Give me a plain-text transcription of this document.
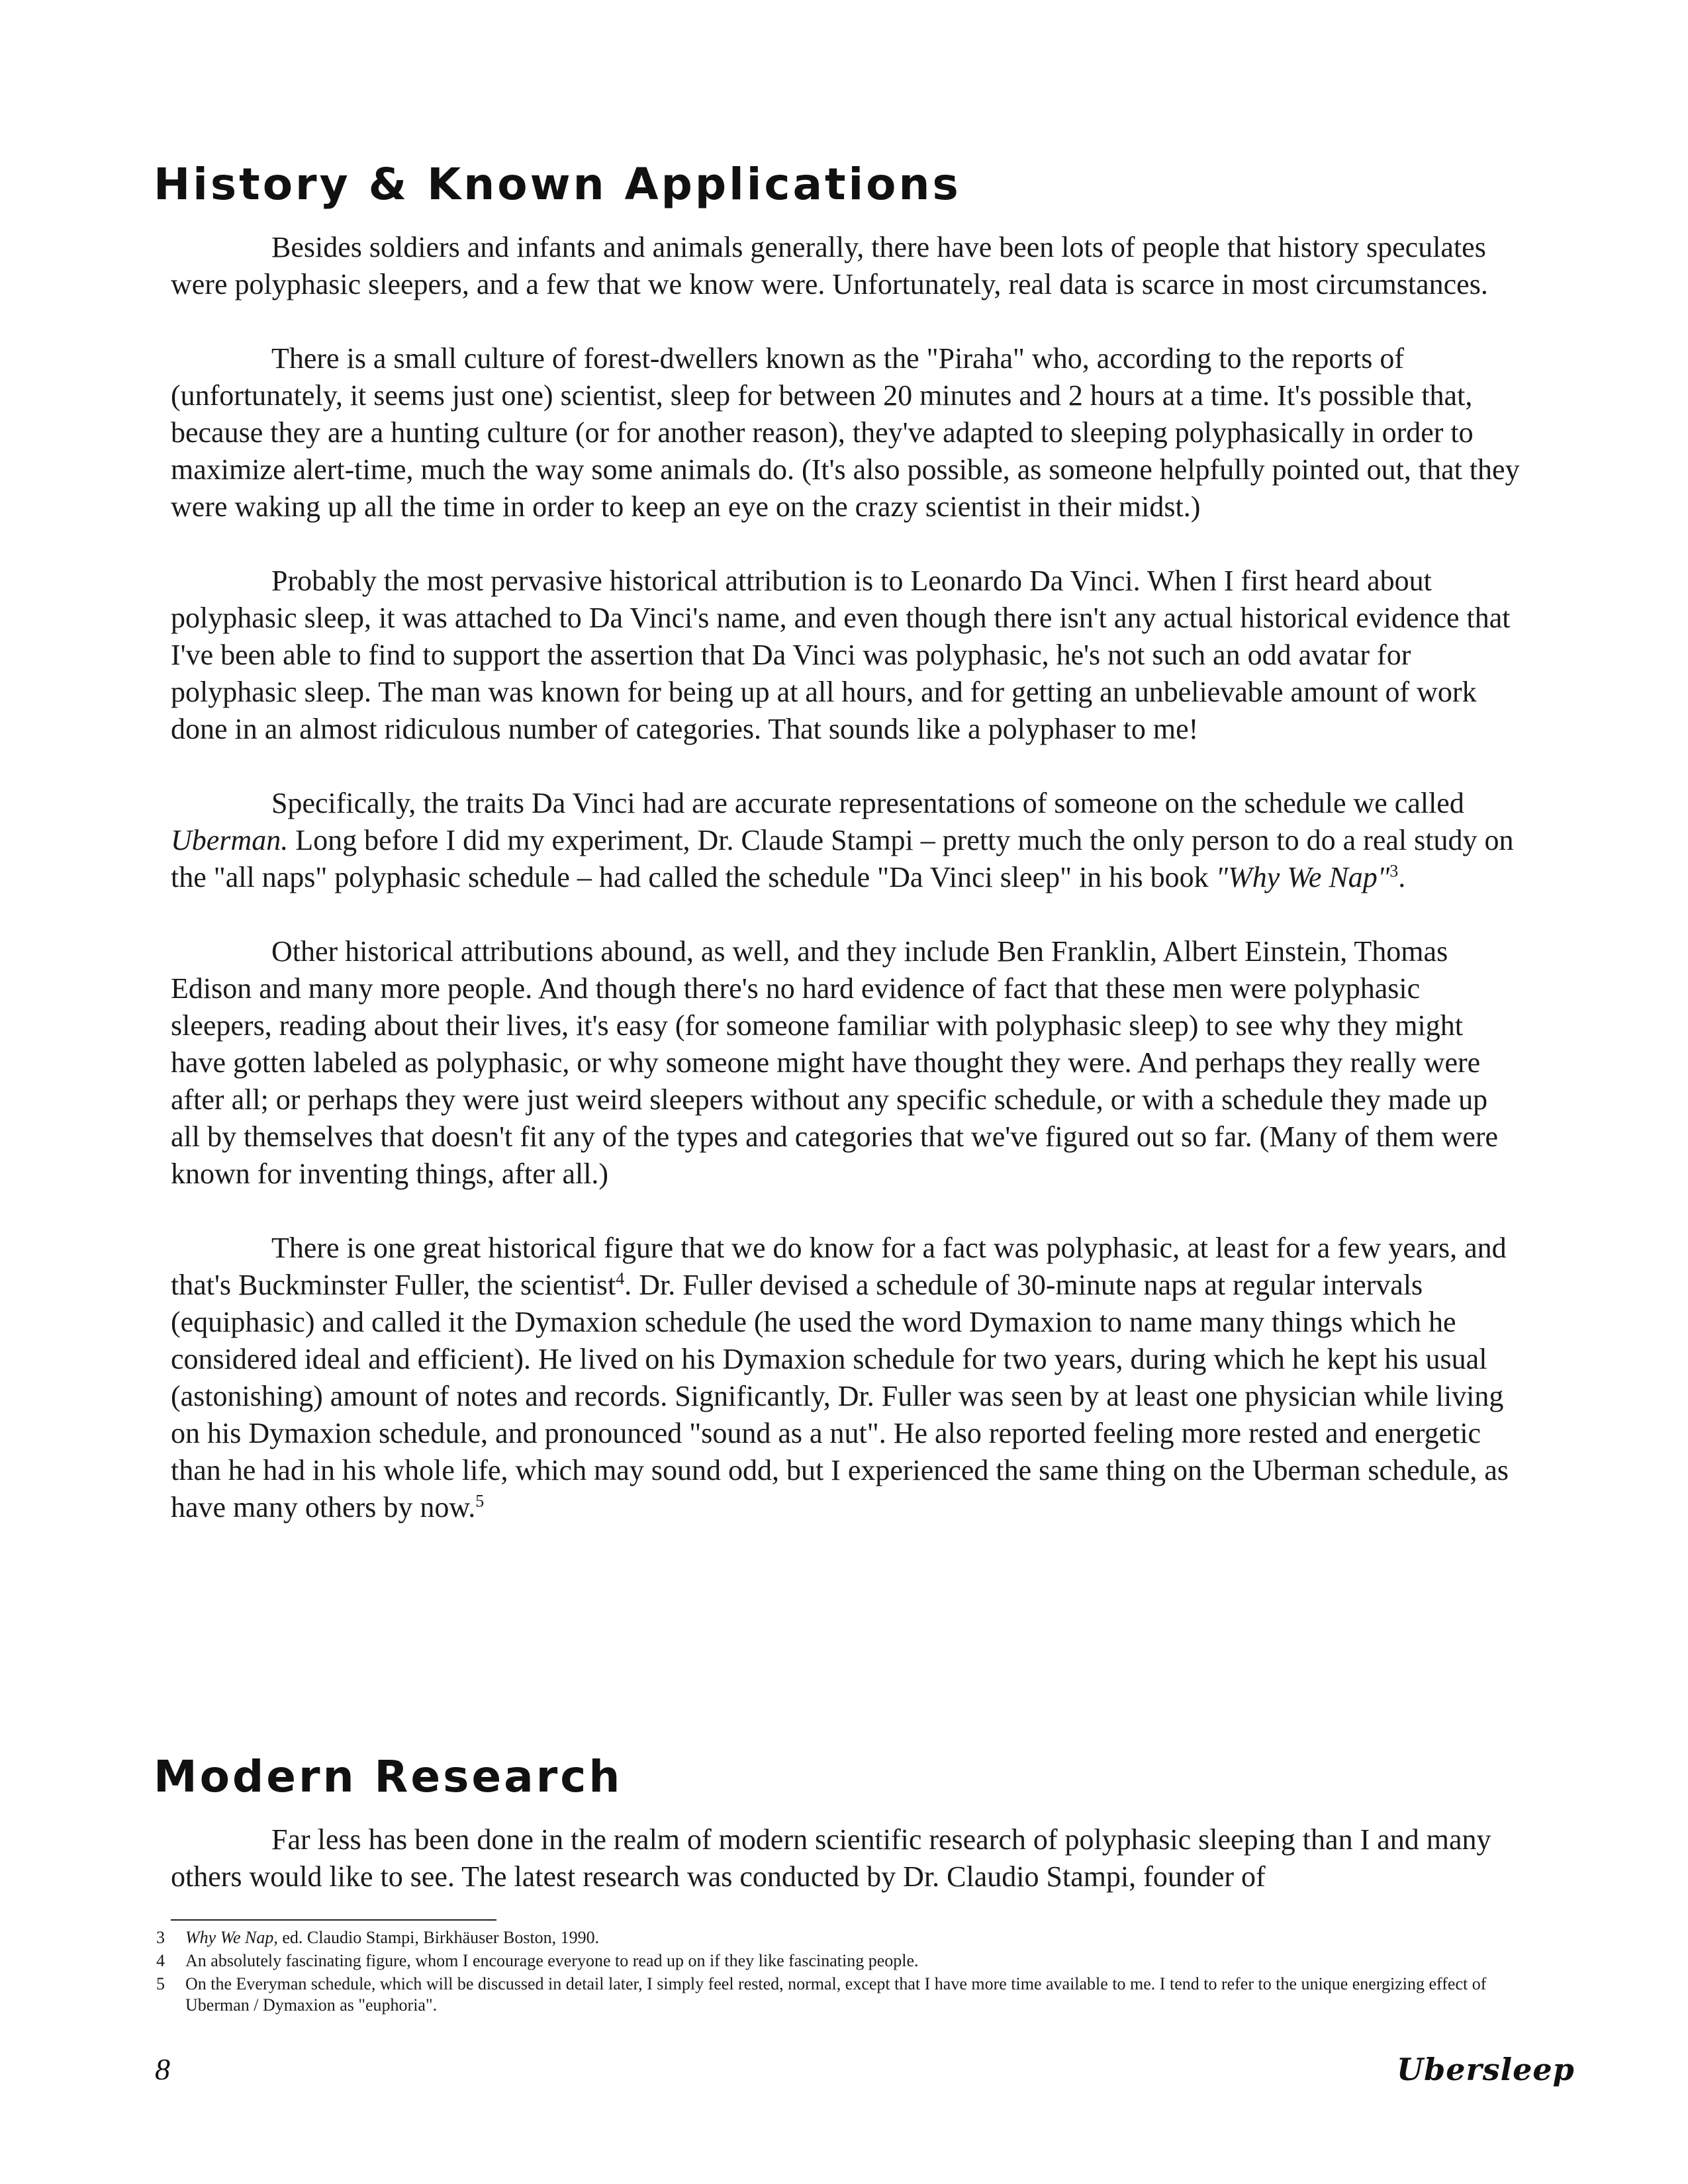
History & Known Applications

Besides soldiers and infants and animals generally, there have been lots of people that history speculates were polyphasic sleepers, and a few that we know were. Unfortunately, real data is scarce in most circumstances.

There is a small culture of forest-dwellers known as the "Piraha" who, according to the reports of (unfortunately, it seems just one) scientist, sleep for between 20 minutes and 2 hours at a time. It's possible that, because they are a hunting culture (or for another reason), they've adapted to sleeping polyphasically in order to maximize alert-time, much the way some animals do. (It's also possible, as someone helpfully pointed out, that they were waking up all the time in order to keep an eye on the crazy scientist in their midst.)

Probably the most pervasive historical attribution is to Leonardo Da Vinci. When I first heard about polyphasic sleep, it was attached to Da Vinci's name, and even though there isn't any actual historical evidence that I've been able to find to support the assertion that Da Vinci was polyphasic, he's not such an odd avatar for polyphasic sleep. The man was known for being up at all hours, and for getting an unbelievable amount of work done in an almost ridiculous number of categories. That sounds like a polyphaser to me!

Specifically, the traits Da Vinci had are accurate representations of someone on the schedule we called Uberman. Long before I did my experiment, Dr. Claude Stampi – pretty much the only person to do a real study on the "all naps" polyphasic schedule – had called the schedule "Da Vinci sleep" in his book "Why We Nap"$^3$.

Other historical attributions abound, as well, and they include Ben Franklin, Albert Einstein, Thomas Edison and many more people. And though there's no hard evidence of fact that these men were polyphasic sleepers, reading about their lives, it's easy (for someone familiar with polyphasic sleep) to see why they might have gotten labeled as polyphasic, or why someone might have thought they were. And perhaps they really were after all; or perhaps they were just weird sleepers without any specific schedule, or with a schedule they made up all by themselves that doesn't fit any of the types and categories that we've figured out so far. (Many of them were known for inventing things, after all.)

There is one great historical figure that we do know for a fact was polyphasic, at least for a few years, and that's Buckminster Fuller, the scientist$^4$. Dr. Fuller devised a schedule of 30-minute naps at regular intervals (equiphasic) and called it the Dymaxion schedule (he used the word Dymaxion to name many things which he considered ideal and efficient). He lived on his Dymaxion schedule for two years, during which he kept his usual (astonishing) amount of notes and records. Significantly, Dr. Fuller was seen by at least one physician while living on his Dymaxion schedule, and pronounced "sound as a nut". He also reported feeling more rested and energetic than he had in his whole life, which may sound odd, but I experienced the same thing on the Uberman schedule, as have many others by now.$^5$

Modern Research

Far less has been done in the realm of modern scientific research of polyphasic sleeping than I and many others would like to see. The latest research was conducted by Dr. Claudio Stampi, founder of

3	Why We Nap, ed. Claudio Stampi, Birkhäuser Boston, 1990.
4	An absolutely fascinating figure, whom I encourage everyone to read up on if they like fascinating people.
5	On the Everyman schedule, which will be discussed in detail later, I simply feel rested, normal, except that I have more time available to me. I tend to refer to the unique energizing effect of Uberman / Dymaxion as "euphoria".
8	Ubersleep
